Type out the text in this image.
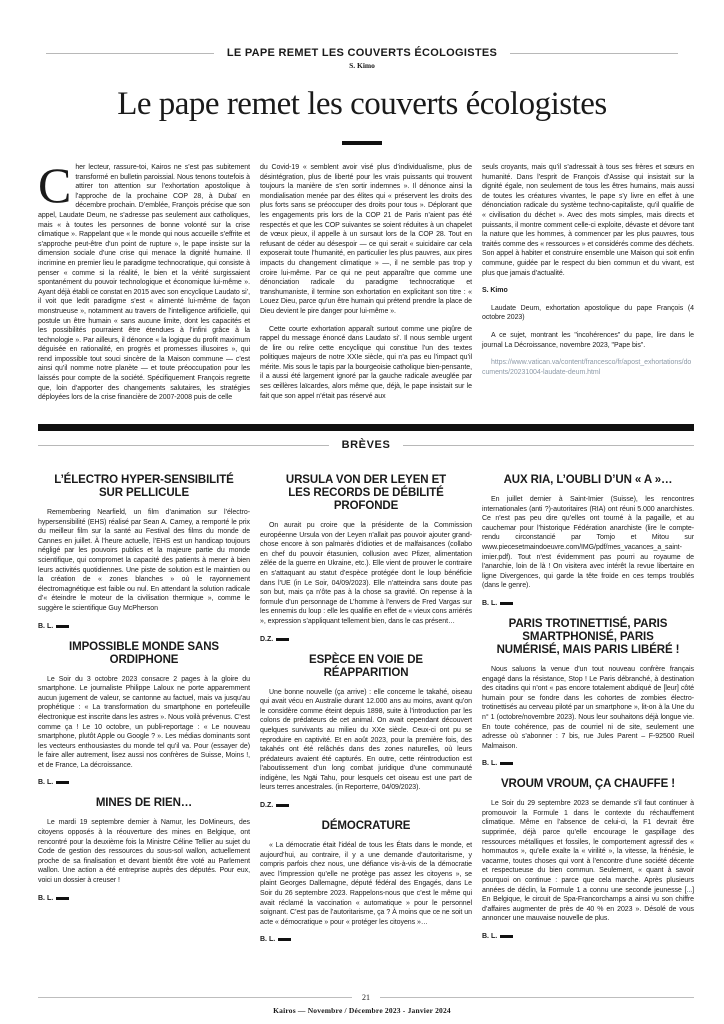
LE PAPE REMET LES COUVERTS ÉCOLOGISTES
S. Kimo
Le pape remet les couverts écologistes

Cher lecteur, rassure-toi, Kairos ne s’est pas subitement transformé en bulletin paroissial. Nous tenons toutefois à attirer ton attention sur l’exhortation apostolique à l’approche de la prochaine COP 28, à Dubaï en décembre prochain. D’emblée, François précise que son appel, Laudate Deum, ne s’adresse pas seulement aux catholiques, mais « à toutes les personnes de bonne volonté sur la crise climatique ». Rappelant que « le monde qui nous accueille s’effrite et s’approche peut-être d’un point de rupture », le pape insiste sur la dimension sociale d’une crise qui menace la dignité humaine. Il incrimine en premier lieu le paradigme technocratique, qui consiste à penser « comme si la réalité, le bien et la vérité surgissaient spontanément du pouvoir technologique et économique lui-même ». Ayant déjà établi ce constat en 2015 avec son encyclique Laudato si’, il voit que ledit paradigme s’est « alimenté lui-même de façon monstrueuse », notamment au travers de l’intelligence artificielle, qui postule un être humain « sans aucune limite, dont les capacités et les possibilités pourraient être étendues à l’infini grâce à la technologie ». Par ailleurs, il dénonce « la logique du profit maximum déguisée en rationalité, en progrès et promesses illusoires », qui rend impossible tout souci sincère de la Maison commune — c’est ainsi qu’il nomme notre planète — et toute préoccupation pour les laissés pour compte de la société. Spécifiquement François regrette que, loin d’apporter des changements salutaires, les stratégies déployées lors de la crise financière de 2007-2008 puis de celle

du Covid-19 « semblent avoir visé plus d’individualisme, plus de désintégration, plus de liberté pour les vrais puissants qui trouvent toujours la manière de s’en sortir indemnes ». Il dénonce ainsi la mondialisation menée par des élites qui « préservent les droits des plus forts sans se préoccuper des droits pour tous ». Déplorant que les engagements pris lors de la COP 21 de Paris n’aient pas été respectés et que les COP suivantes se soient réduites à un chapelet de vœux pieux, il appelle à un sursaut lors de la COP 28. Tout en refusant de céder au désespoir — ce qui serait « suicidaire car cela exposerait toute l’humanité, en particulier les plus pauvres, aux pires impacts du changement climatique » —, il ne semble pas trop y croire lui-même. Par ce qui ne peut apparaître que comme une dénonciation radicale du paradigme technocratique et transhumaniste, il termine son exhortation en explicitant son titre : « Louez Dieu, parce qu’un être humain qui prétend prendre la place de Dieu devient le pire danger pour lui-même ».

Cette courte exhortation apparaît surtout comme une piqûre de rappel du message énoncé dans Laudato si’. Il nous semble urgent de lire ou relire cette encyclique qui constitue l’un des textes politiques majeurs de notre XXIe siècle, qui n’a pas eu l’impact qu’il mérite. Mis sous le tapis par la bourgeoisie catholique bien-pensante, il a aussi été largement ignoré par la gauche radicale aveuglée par ses œillères laïcardes, alors même que, déjà, le pape insistait sur le fait que son appel n’était pas réservé aux

seuls croyants, mais qu’il s’adressait à tous ses frères et sœurs en humanité. Dans l’esprit de François d’Assise qui insistait sur la dignité égale, non seulement de tous les êtres humains, mais aussi de toutes les créatures vivantes, le pape s’y livre en effet à une dénonciation radicale du système techno-capitaliste, qu’il qualifie de « civilisation du déchet ». Avec des mots simples, mais directs et puissants, il montre comment celle-ci exploite, dévaste et dévore tant la nature que les hommes, à commencer par les plus pauvres, tous traités comme des « ressources » et considérés comme des déchets. Son appel à habiter et construire ensemble une Maison qui soit enfin commune, guidée par le respect du bien commun et du vivant, est plus que jamais d’actualité.

S. Kimo

Laudate Deum, exhortation apostolique du pape François (4 octobre 2023)

A ce sujet, montrant les "incohérences" du pape, lire dans le journal La Décroissance, novembre 2023, "Pape bis".

https://www.vatican.va/content/francesco/fr/apost_exhortations/documents/20231004-laudate-deum.html

BRÈVES
L’ÉLECTRO HYPER-SENSIBILITÉ SUR PELLICULE

Remembering Nearfield, un film d’animation sur l’électro-hypersensibilité (EHS) réalisé par Sean A. Carney, a remporté le prix du meilleur film sur la santé au Festival des films du monde de Cannes en juillet. À l’heure actuelle, l’EHS est un handicap toujours négligé par les pouvoirs publics et la majeure partie du monde scientifique, qui compromet la capacité des patients à mener à bien leurs activités quotidiennes. Une piste de solution est le maintien ou la création de « zones blanches » où le rayonnement électromagnétique est faible ou nul. En attendant la solution radicale d’« éteindre le moteur de la civilisation thermique », comme le suggère le scientifique Guy McPherson

B. L.
IMPOSSIBLE MONDE SANS ORDIPHONE

Le Soir du 3 octobre 2023 consacre 2 pages à la gloire du smartphone. Le journaliste Philippe Laloux ne porte apparemment aucun jugement de valeur, se cantonne au factuel, mais va jusqu’au prophétique : « La transformation du smartphone en portefeuille électronique est inscrite dans les astres ». Nous voilà prévenus. C’est comme ça ! Le 10 octobre, un publi-reportage : « Le nouveau smartphone, plutôt Apple ou Google ? ». Les médias dominants sont les vecteurs enthousiastes du monde tel qu’il va. Pour (essayer de) le faire aller autrement, lisez aussi nos confrères de Suisse, Moins !, et de France, La décroissance.

B. L.
MINES DE RIEN…

Le mardi 19 septembre dernier à Namur, les DoMineurs, des citoyens opposés à la réouverture des mines en Belgique, ont rencontré pour la deuxième fois la Ministre Céline Tellier au sujet du Code de gestion des ressources du sous-sol wallon, actuellement proche de sa finalisation et devant bientôt être voté au Parlement wallon. Une action a été entreprise auprès des députés. Pour eux, voici un dossier à creuser !

B. L.
URSULA VON DER LEYEN ET LES RECORDS DE DÉBILITÉ PROFONDE

On aurait pu croire que la présidente de la Commission européenne Ursula von der Leyen n’allait pas pouvoir ajouter grand-chose encore à son palmarès d’idioties et de malfaisances (collabo en chef du pouvoir étasunien, collusion avec Pfizer, alimentation zélée de la guerre en Ukraine, etc.). Elle vient de prouver le contraire en s’attaquant au statut d’espèce protégée dont le loup bénéficie dans l’UE (in Le Soir, 04/09/2023). Elle n’atteindra sans doute pas son but, mais ça n’ôte pas à la chose sa gravité. On repense à la formule d’un personnage de L’homme à l’envers de Fred Vargas sur les ennemis du loup : elle les qualifie en effet de « vieux cons arriérés », expression s’appliquant tellement bien, dans le cas présent…

D.Z.
ESPÈCE EN VOIE DE RÉAPPARITION

Une bonne nouvelle (ça arrive) : elle concerne le takahé, oiseau qui avait vécu en Australie durant 12.000 ans au moins, avant qu’on le considère comme éteint depuis 1898, suite à l’introduction par les colons de prédateurs de cet animal. On avait cependant découvert quelques survivants au milieu du XXe siècle. Ceux-ci ont pu se reproduire en captivité. Et en août 2023, pour la première fois, des takahés ont été relâchés dans des zones naturelles, où leurs prédateurs avaient été capturés. En outre, cette réintroduction est l’aboutissement d’un long combat juridique d’une communauté indigène, les Ngäi Tahu, pour lesquels cet oiseau est une part de leurs terres ancestrales. (in Reporterre, 04/09/2023).

D.Z.
DÉMOCRATURE

« La démocratie était l’idéal de tous les États dans le monde, et aujourd’hui, au contraire, il y a une demande d’autoritarisme, y compris parfois chez nous, une défiance vis-à-vis de la démocratie avec l’impression qu’elle ne protège pas assez les citoyens », se plaint Georges Dallemagne, député fédéral des Engagés, dans Le Soir du 26 septembre 2023. Rappelons-nous que c’est le même qui avait réclamé la vaccination « automatique » pour le personnel soignant. C’est pas de l’autoritarisme, ça ? À moins que ce ne soit un acte « démocratique » pour « protéger les citoyens »…

B. L.
AUX RIA, L’OUBLI D’UN « A »…

En juillet dernier à Saint-Imier (Suisse), les rencontres internationales (anti ?)-autoritaires (RIA) ont réuni 5.000 anarchistes. Ce n’est pas peu dire qu’elles ont tourné à la pagaille, et au cauchemar pour l’historique Fédération anarchiste (lire le compte-rendu circonstancié par Tomjo et Mitou sur www.piecesetmaindoeuvre.com/IMG/pdf/mes_vacances_a_saint-imier.pdf). Tout n’est évidemment pas pourri au royaume de l’anarchie, loin de là ! On visitera avec intérêt la revue libertaire en ligne Divergences, qui garde la tête froide en ces temps troublés (dans le genre).

B. L.
PARIS TROTINETTISÉ, PARIS SMARTPHONISÉ, PARIS NUMÉRISÉ, MAIS PARIS LIBÉRÉ !

Nous saluons la venue d’un tout nouveau confrère français engagé dans la résistance, Stop ! Le Paris débranché, à destination des citadins qui n’ont « pas encore totalement abdiqué de [leur] côté humain pour se fondre dans les cohortes de zombies électro-trotinettisés au cerveau piloté par un smartphone », lit-on à la Une du n° 1 (octobre/novembre 2023). Nous leur souhaitons déjà longue vie. En toute cohérence, pas de courriel ni de site, seulement une adresse où s’abonner : 7 bis, rue Jules Parent – F-92500 Rueil Malmaison.

B. L.
VROUM VROUM, ÇA CHAUFFE !

Le Soir du 29 septembre 2023 se demande s’il faut continuer à promouvoir la Formule 1 dans le contexte du réchauffement climatique. Même en l’absence de celui-ci, la F1 devrait être supprimée, déjà parce qu’elle encourage le gaspillage des ressources métalliques et fossiles, le comportement agressif des « hommautos », qu’elle exalte la « virilité », la vitesse, la frénésie, le vacarme, toutes choses qui vont à l’encontre d’une société décente et respectueuse du bien commun. Seulement, « quant à savoir pourquoi on continue : parce que cela marche. Après plusieurs années de déclin, la Formule 1 a connu une seconde jeunesse [...] En Belgique, le circuit de Spa-Francorchamps a ainsi vu son chiffre d’affaires augmenter de près de 40 % en 2023 ». Désolé de vous annoncer une mauvaise nouvelle de plus.

B. L.
21
Kairos — Novembre / Décembre 2023 - Janvier 2024
